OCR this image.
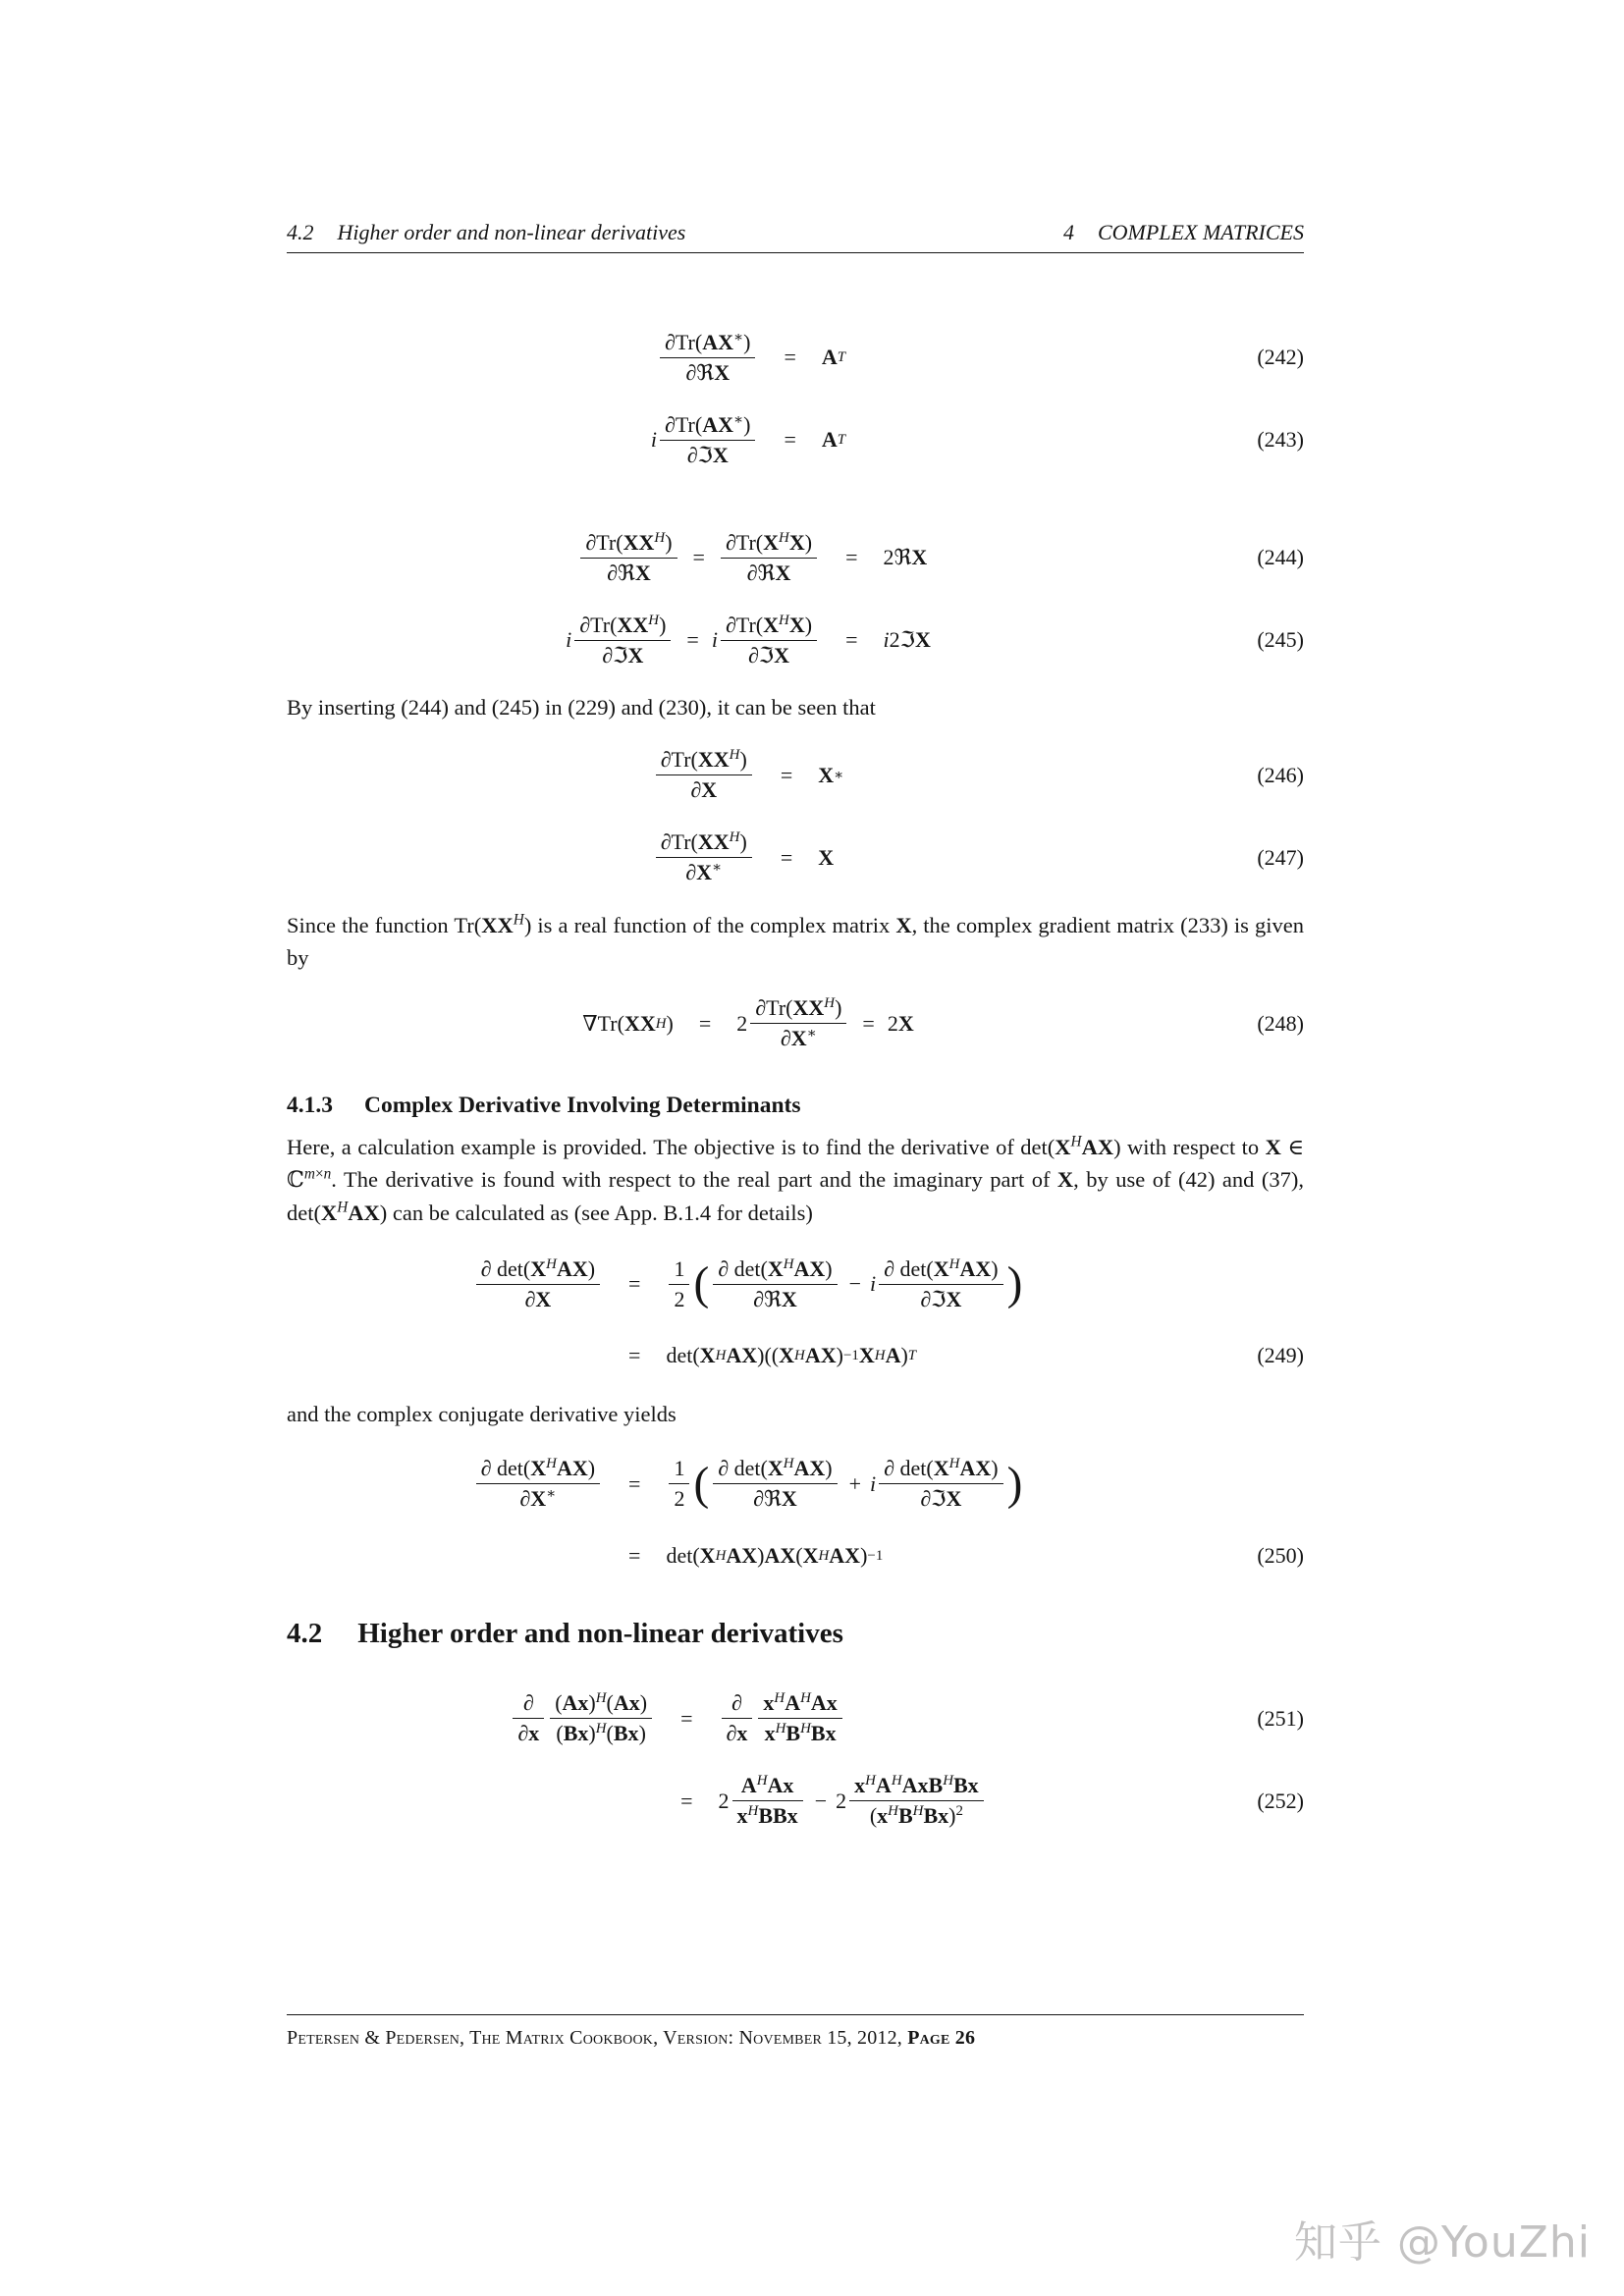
4.2 Higher order and non-linear derivatives	4 COMPLEX MATRICES
∂Tr(AX∗)
∂ℜX
=	A T	(242)
i
∂Tr(AX∗)
∂ℑX
=	A T	(243)
$\partial Tr(XX^H)$
∂ℜX
=
$\partial Tr(X^HX)$
∂ℜX
=	2ℜ X	(244)
i
$\partial Tr(XX^H)$
∂ℑX
= i
$\partial Tr(X^HX)$
∂ℑX
=	i 2ℑ X	(245)

By inserting (244) and (245) in (229) and (230), it can be seen that

$\partial Tr(XX^H)$
∂X
=	X ∗	(246)
$\partial Tr(XX^H)$
∂X∗	=	X	(247)

Since the function $Tr(XX^H)$ is a real function of the complex matrix X, the complex gradient matrix (233) is given by

∇Tr( XX H )	=	2
$\partial Tr(XX^H)$
∂X∗	= 2 X	(248)
4.1.3 Complex Derivative Involving Determinants

Here, a calculation example is provided. The objective is to find the derivative of $\det(X^HAX)$ with respect to X ∈ ℂ$^{m\times n}$. The derivative is found with respect to the real part and the imaginary part of X, by use of (42) and (37), $\det(X^HAX)$ can be calculated as (see App. B.1.4 for details)

∂ $\det(X^HAX)$
∂X
=
1
2 ( ∂ $\det(X^HAX)$
∂ℜX
− i
∂ $\det(X^HAX)$
∂ℑX )
=	det( X H AX )(( X H AX ) −1 X H A ) T	(249)

and the complex conjugate derivative yields

∂ $\det(X^HAX)$
∂X∗	=
1
2 ( ∂ $\det(X^HAX)$
∂ℜX
+ i
∂ $\det(X^HAX)$
∂ℑX )
=	det( X H AX ) AX ( X H AX ) −1	(250)
4.2 Higher order and non-linear derivatives
∂
∂x
$(Ax)^H(Ax)$
$(Bx)^H(Bx)$
=
∂
∂x
$x^HA^HAx$
$x^HB^HBx$
(251)
=	2
$A^HAx$
$x^HBBx$
− 2
$x^HA^HAxB^HBx$
$(x^HB^HBx)^2$	(252)
Petersen & Pedersen, The Matrix Cookbook, Version: November 15, 2012, Page 26
知乎 @YouZhi
